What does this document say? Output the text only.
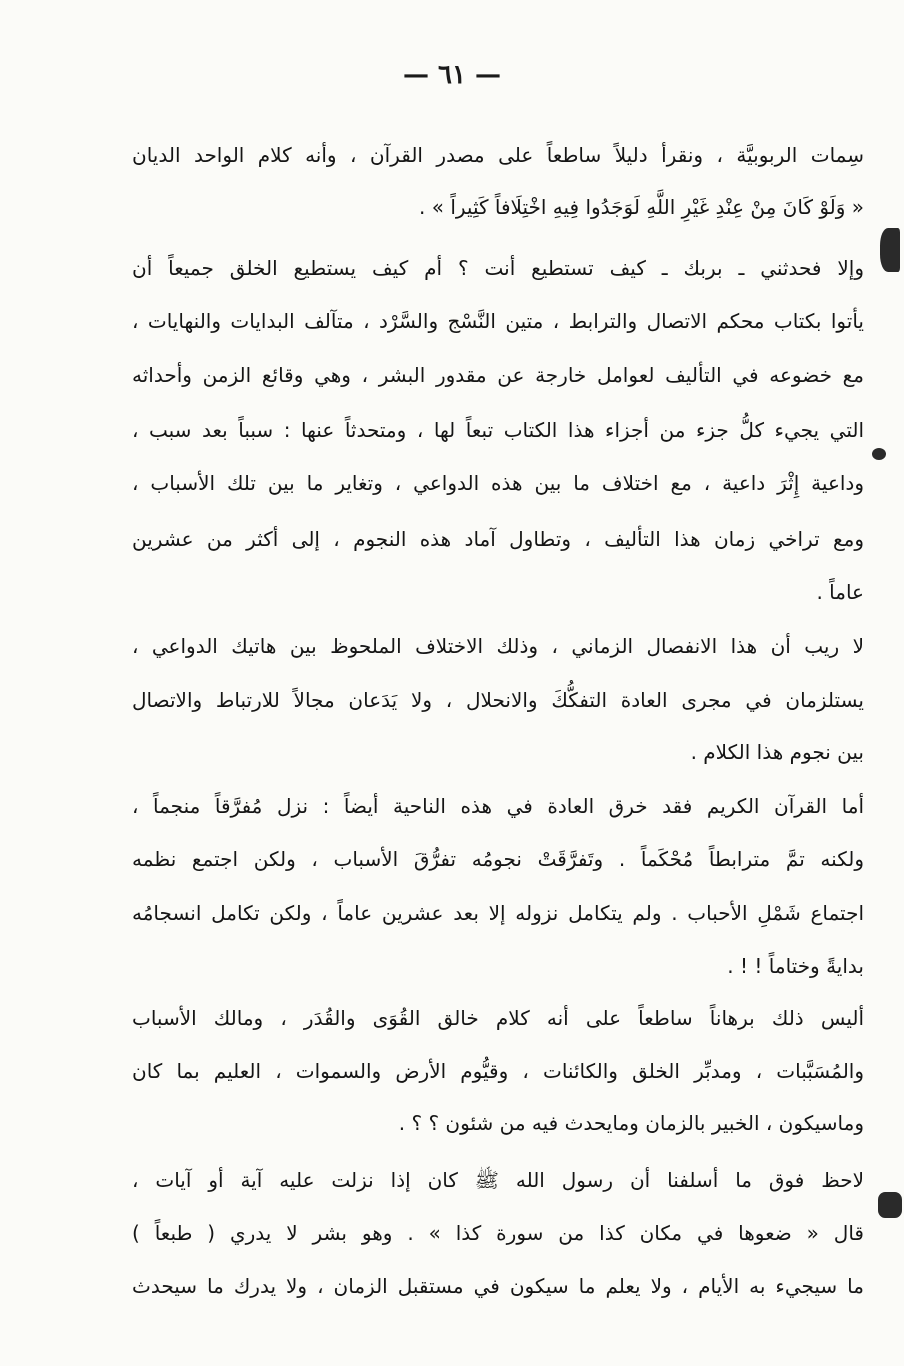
— ٦١ —
سِمات الربوبيَّة ، ونقرأ دليلاً ساطعاً على مصدر القرآن ، وأنه كلام الواحد الديان
« وَلَوْ كَانَ مِنْ عِنْدِ غَيْرِ اللَّهِ لَوَجَدُوا فِيهِ اخْتِلَافاً كَثِيراً » .
وإلا فحدثني ـ بربك ـ كيف تستطيع أنت ؟ أم كيف يستطيع الخلق جميعاً أن
يأتوا بكتاب محكم الاتصال والترابط ، متين النَّسْج والسَّرْد ، متآلف البدايات والنهايات ،
مع خضوعه في التأليف لعوامل خارجة عن مقدور البشر ، وهي وقائع الزمن وأحداثه
التي يجيء كلُّ جزء من أجزاء هذا الكتاب تبعاً لها ، ومتحدثاً عنها : سبباً بعد سبب ،
وداعية إِثْرَ داعية ، مع اختلاف ما بين هذه الدواعي ، وتغاير ما بين تلك الأسباب ،
ومع تراخي زمان هذا التأليف ، وتطاول آماد هذه النجوم ، إلى أكثر من عشرين
عاماً .
لا ريب أن هذا الانفصال الزماني ، وذلك الاختلاف الملحوظ بين هاتيك الدواعي ،
يستلزمان في مجرى العادة التفكُّكَ والانحلال ، ولا يَدَعان مجالاً للارتباط والاتصال
بين نجوم هذا الكلام .
أما القرآن الكريم فقد خرق العادة في هذه الناحية أيضاً : نزل مُفرَّقاً منجماً ،
ولكنه تمَّ مترابطاً مُحْكَماً . وتَفرَّقَتْ نجومُه تفرُّقَ الأسباب ، ولكن اجتمع نظمه
اجتماع شَمْلِ الأحباب . ولم يتكامل نزوله إلا بعد عشرين عاماً ، ولكن تكامل انسجامُه
بدايةً وختاماً ! ! .
أليس ذلك برهاناً ساطعاً على أنه كلام خالق القُوَى والقُدَر ، ومالك الأسباب
والمُسَبَّبات ، ومدبِّر الخلق والكائنات ، وقيُّوم الأرض والسموات ، العليم بما كان
وماسيكون ، الخبير بالزمان ومايحدث فيه من شئون ؟ ؟ .
لاحظ فوق ما أسلفنا أن رسول الله ﷺ كان إذا نزلت عليه آية أو آيات ،
قال « ضعوها في مكان كذا من سورة كذا » . وهو بشر لا يدري ( طبعاً )
ما سيجيء به الأيام ، ولا يعلم ما سيكون في مستقبل الزمان ، ولا يدرك ما سيحدث
